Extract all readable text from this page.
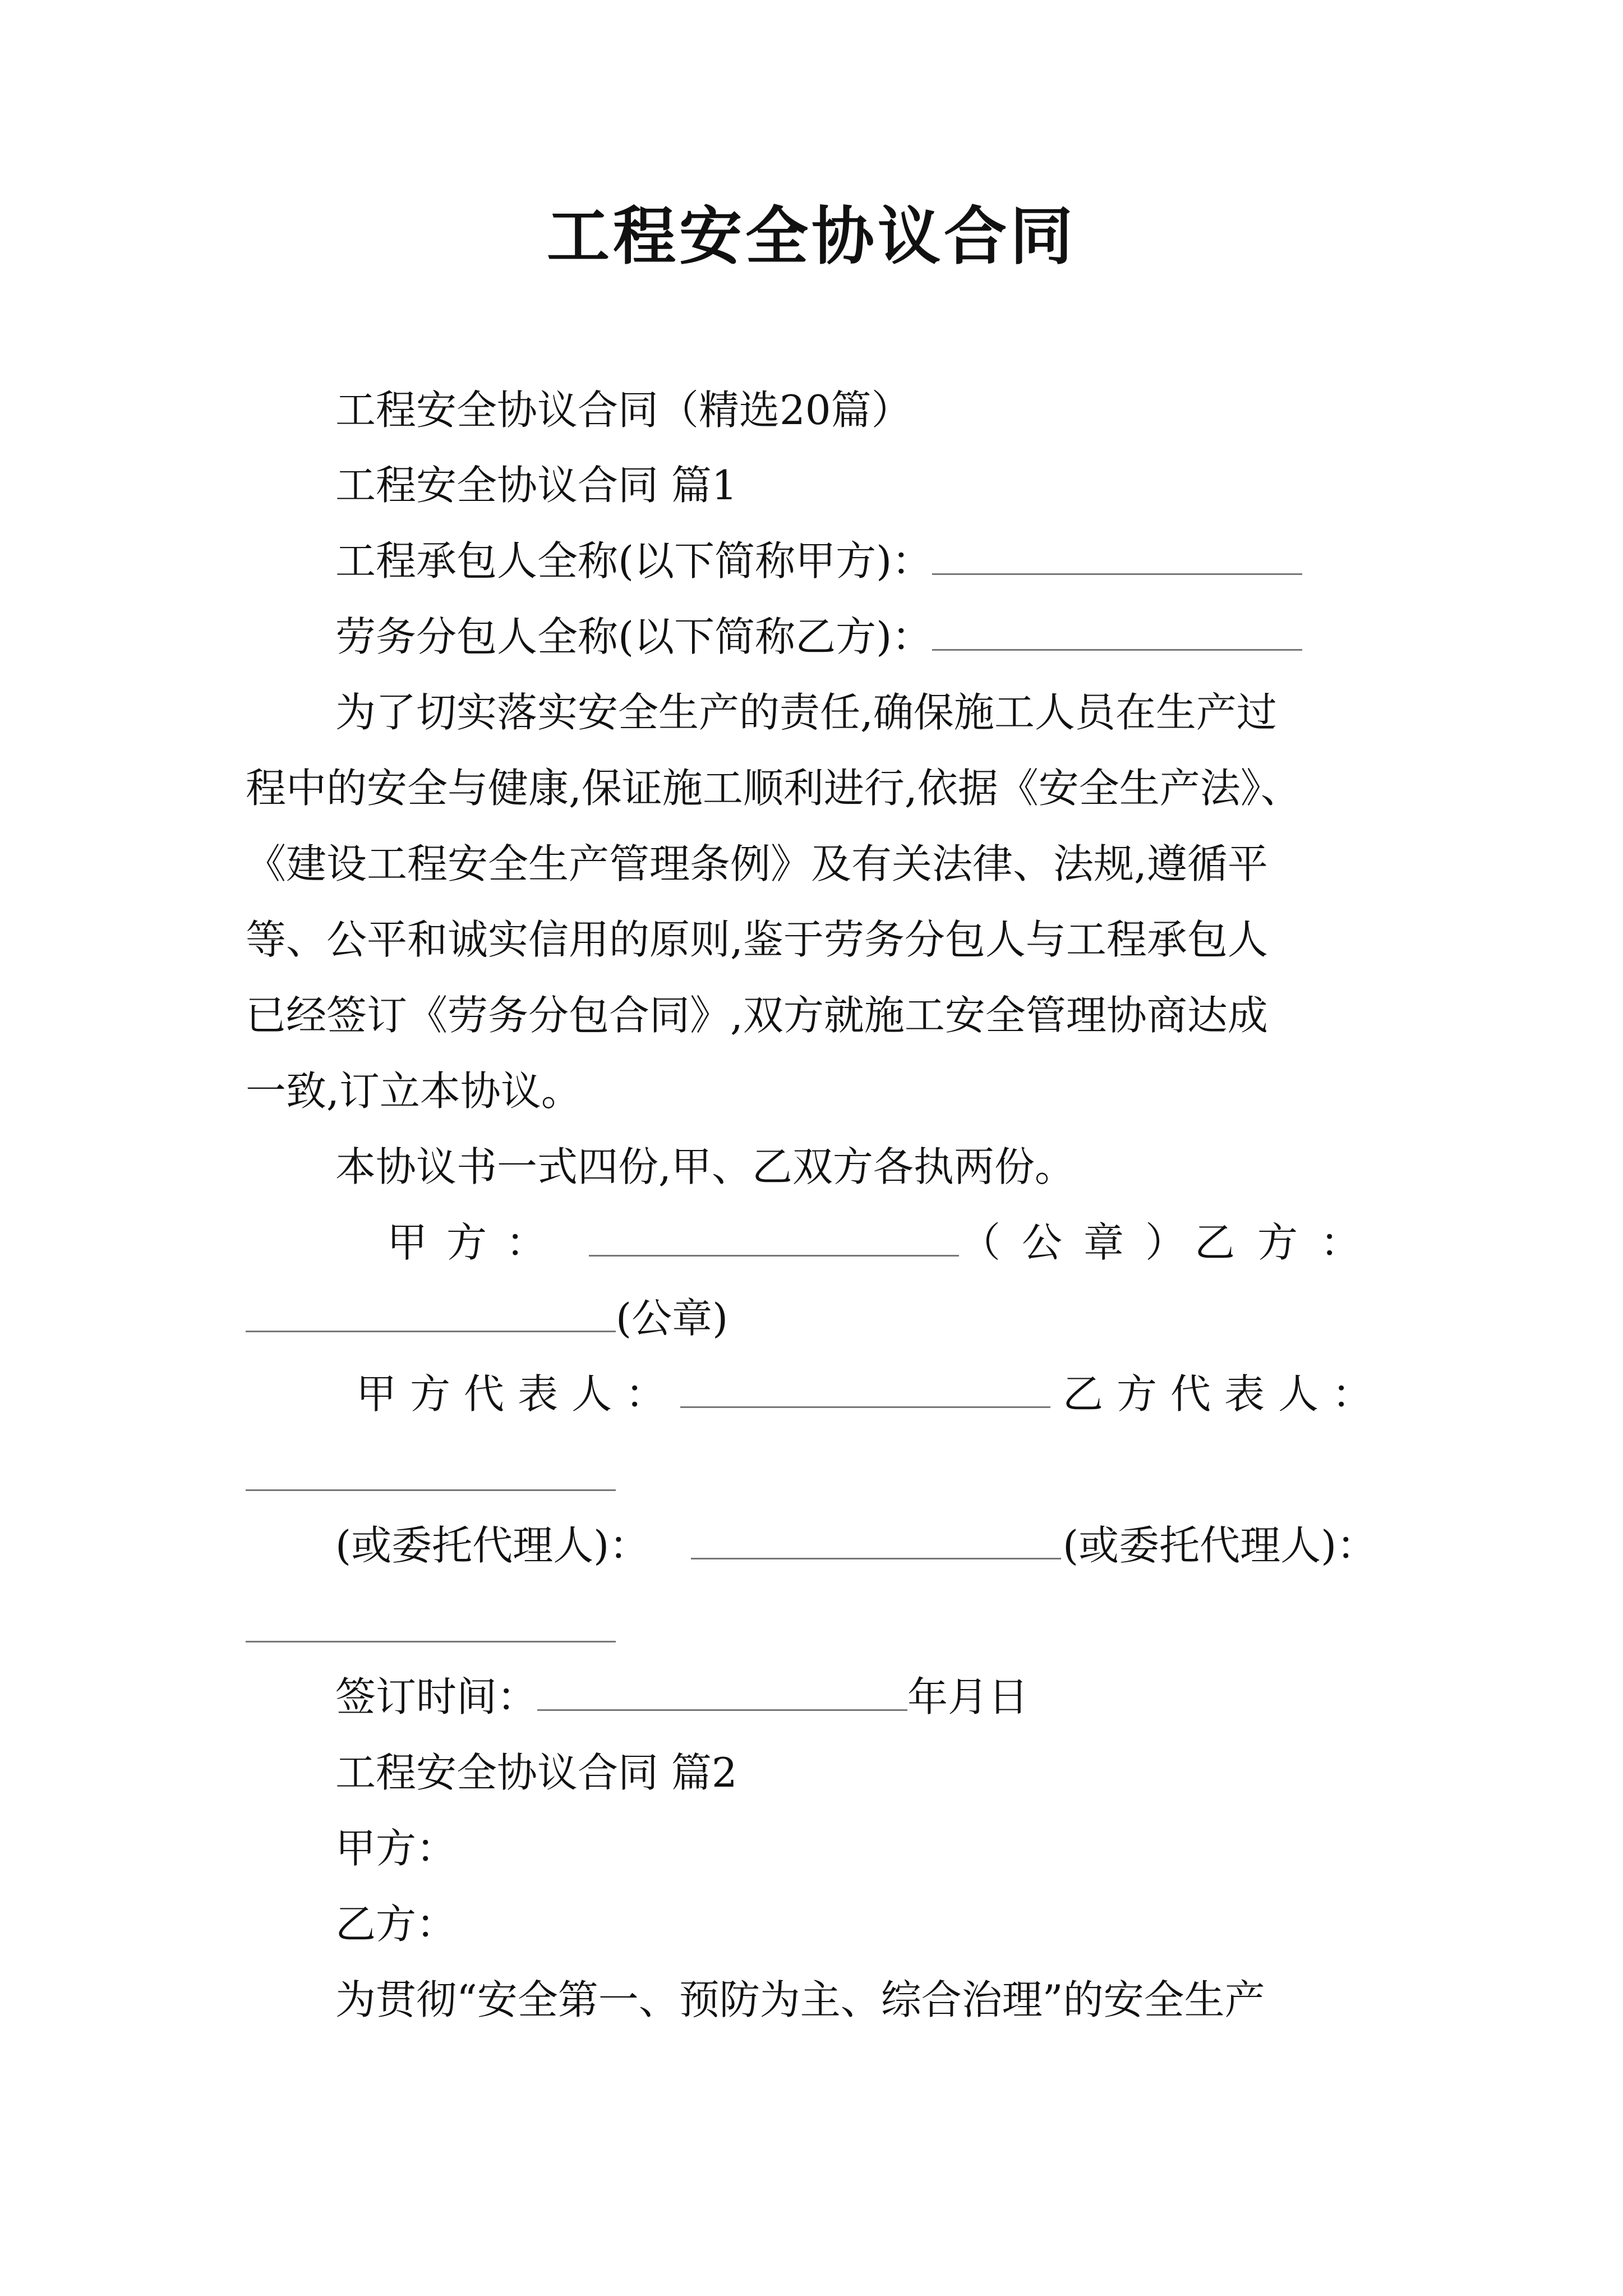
工程安全协议合同
工程安全协议合同（精选20篇）
工程安全协议合同 篇1
工程承包人全称(以下简称甲方)：
劳务分包人全称(以下简称乙方)：
为了切实落实安全生产的责任,确保施工人员在生产过
程中的安全与健康,保证施工顺利进行,依据《安全生产法》、
《建设工程安全生产管理条例》及有关法律、法规,遵循平
等、公平和诚实信用的原则,鉴于劳务分包人与工程承包人
已经签订《劳务分包合同》,双方就施工安全管理协商达成
一致,订立本协议。
本协议书一式四份,甲、乙双方各执两份。
甲方：	（公章）
乙方：
(公章)
甲方代表人：	乙方代表人：
(或委托代理人)：	(或委托代理人)：
签订时间：	年月日
工程安全协议合同 篇2
甲方：
乙方：
为贯彻“安全第一、预防为主、综合治理”的安全生产
